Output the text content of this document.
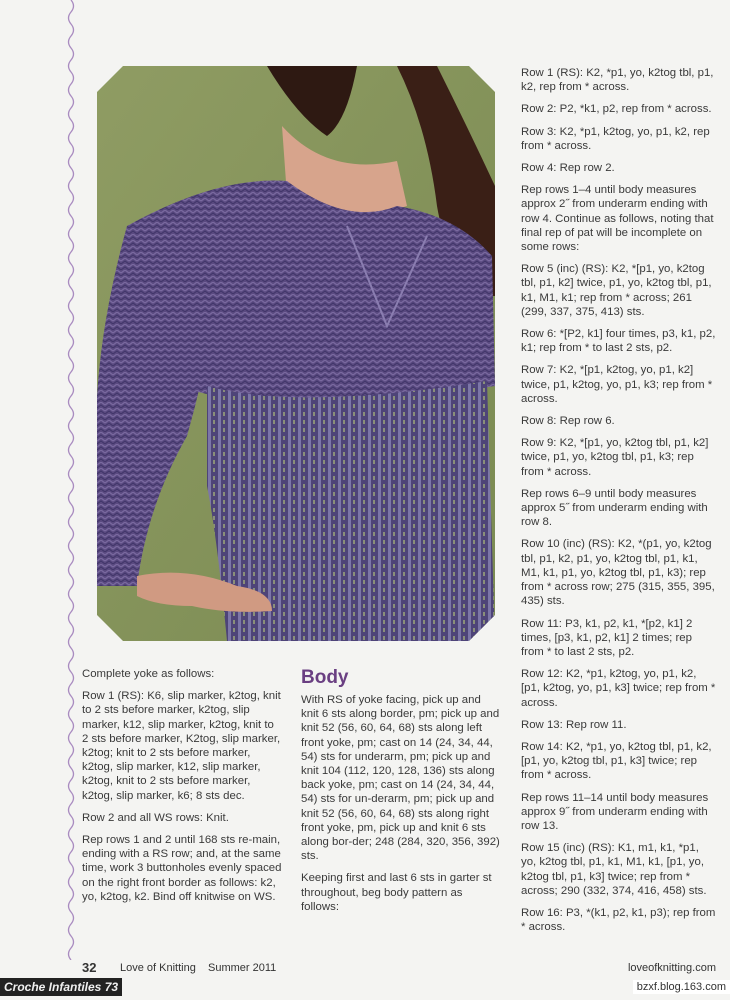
Complete yoke as follows:

Row 1 (RS): K6, slip marker, k2tog, knit to 2 sts before marker, k2tog, slip marker, k12, slip marker, k2tog, knit to 2 sts before marker, K2tog, slip marker, k2tog; knit to 2 sts before marker, k2tog, slip marker, k12, slip marker, k2tog, knit to 2 sts before marker, k2tog, slip marker, k6; 8 sts dec.

Row 2 and all WS rows: Knit.

Rep rows 1 and 2 until 168 sts re-main, ending with a RS row; and, at the same time, work 3 buttonholes evenly spaced on the right front border as follows: k2, yo, k2tog, k2. Bind off knitwise on WS.

Body

With RS of yoke facing, pick up and knit 6 sts along border, pm; pick up and knit 52 (56, 60, 64, 68) sts along left front yoke, pm; cast on 14 (24, 34, 44, 54) sts for underarm, pm; pick up and knit 104 (112, 120, 128, 136) sts along back yoke, pm; cast on 14 (24, 34, 44, 54) sts for un-derarm, pm; pick up and knit 52 (56, 60, 64, 68) sts along right front yoke, pm, pick up and knit 6 sts along bor-der; 248 (284, 320, 356, 392) sts.

Keeping first and last 6 sts in garter st throughout, beg body pattern as follows:

Row 1 (RS): K2, *p1, yo, k2tog tbl, p1, k2, rep from * across.

Row 2: P2, *k1, p2, rep from * across.

Row 3: K2, *p1, k2tog, yo, p1, k2, rep from * across.

Row 4: Rep row 2.

Rep rows 1–4 until body measures approx 2˝ from underarm ending with row 4. Continue as follows, noting that final rep of pat will be incomplete on some rows:

Row 5 (inc) (RS): K2, *[p1, yo, k2tog tbl, p1, k2] twice, p1, yo, k2tog tbl, p1, k1, M1, k1; rep from * across; 261 (299, 337, 375, 413) sts.

Row 6: *[P2, k1] four times, p3, k1, p2, k1; rep from * to last 2 sts, p2.

Row 7: K2, *[p1, k2tog, yo, p1, k2] twice, p1, k2tog, yo, p1, k3; rep from * across.

Row 8: Rep row 6.

Row 9: K2, *[p1, yo, k2tog tbl, p1, k2] twice, p1, yo, k2tog tbl, p1, k3; rep from * across.

Rep rows 6–9 until body measures approx 5˝ from underarm ending with row 8.

Row 10 (inc) (RS): K2, *(p1, yo, k2tog tbl, p1, k2, p1, yo, k2tog tbl, p1, k1, M1, k1, p1, yo, k2tog tbl, p1, k3); rep from * across row; 275 (315, 355, 395, 435) sts.

Row 11: P3, k1, p2, k1, *[p2, k1] 2 times, [p3, k1, p2, k1] 2 times; rep from * to last 2 sts, p2.

Row 12: K2, *p1, k2tog, yo, p1, k2, [p1, k2tog, yo, p1, k3] twice; rep from * across.

Row 13: Rep row 11.

Row 14: K2, *p1, yo, k2tog tbl, p1, k2, [p1, yo, k2tog tbl, p1, k3] twice; rep from * across.

Rep rows 11–14 until body measures approx 9˝ from underarm ending with row 13.

Row 15 (inc) (RS): K1, m1, k1, *p1, yo, k2tog tbl, p1, k1, M1, k1, [p1, yo, k2tog tbl, p1, k3] twice; rep from * across; 290 (332, 374, 416, 458) sts.

Row 16: P3, *(k1, p2, k1, p3); rep from * across.

32 Love of Knitting Summer 2011	loveofknitting.com
Croche Infantiles 73	bzxf.blog.163.com
